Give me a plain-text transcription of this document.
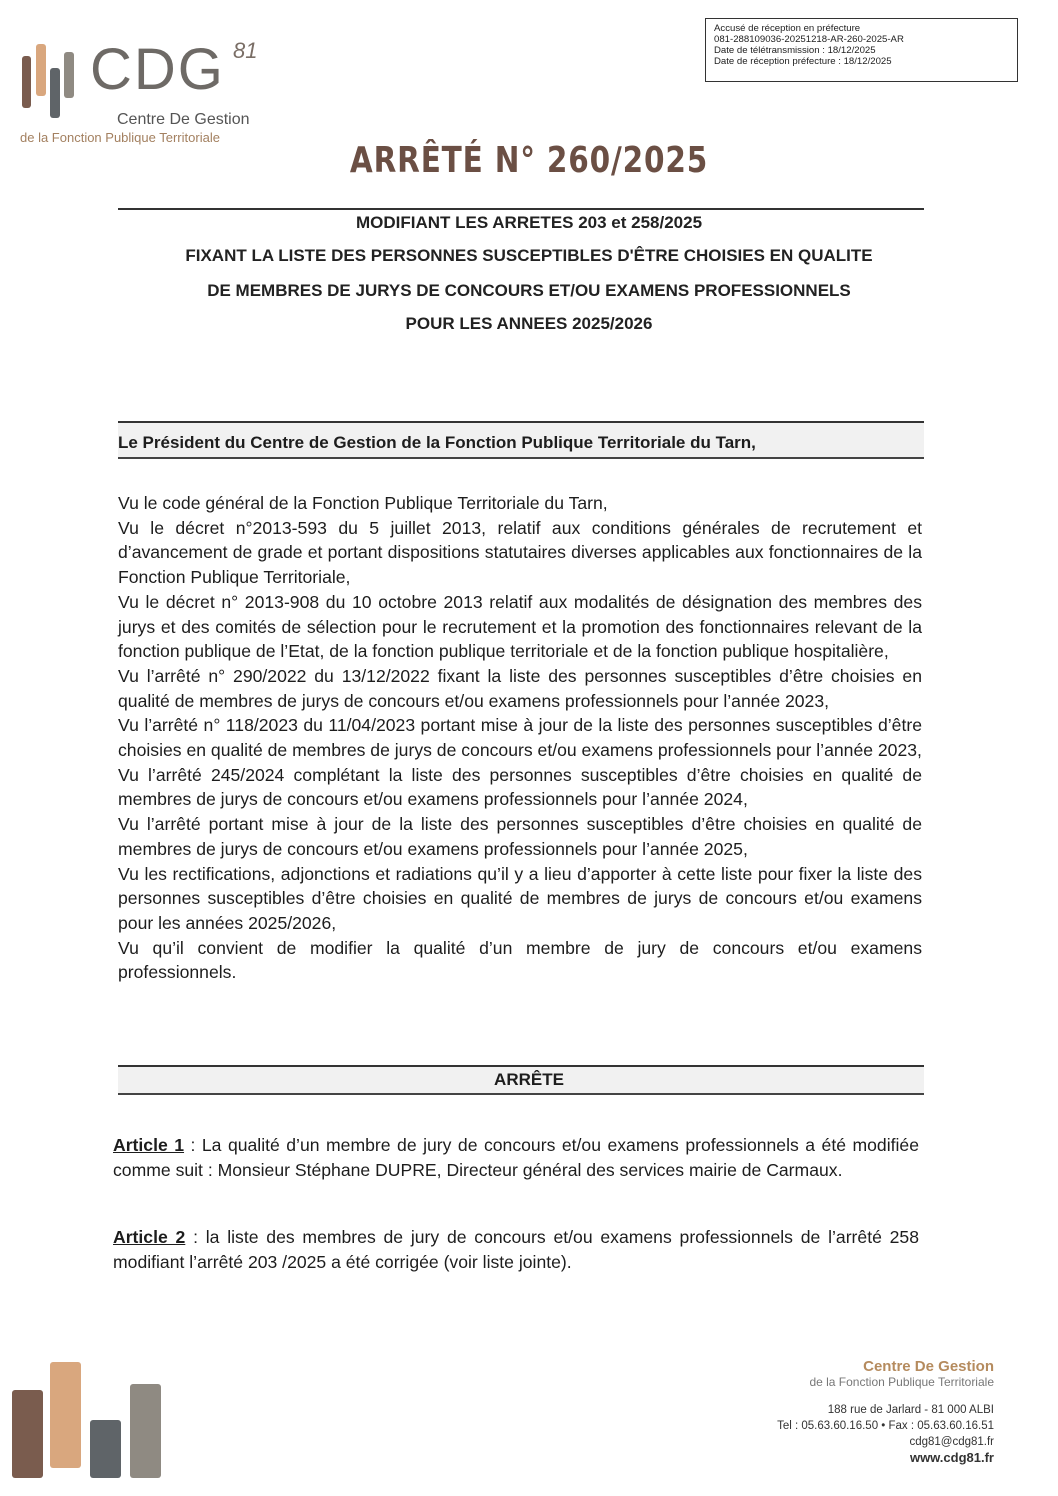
Accusé de réception en préfecture
081-288109036-20251218-AR-260-2025-AR
Date de télétransmission : 18/12/2025
Date de réception préfecture : 18/12/2025
CDG 81
Centre De Gestion
de la Fonction Publique Territoriale
ARRÊTÉ N° 260/2025
MODIFIANT LES ARRETES 203 et 258/2025
FIXANT LA LISTE DES PERSONNES SUSCEPTIBLES D'ÊTRE CHOISIES EN QUALITE
DE MEMBRES DE JURYS DE CONCOURS ET/OU EXAMENS PROFESSIONNELS
POUR LES ANNEES 2025/2026
Le Président du Centre de Gestion de la Fonction Publique Territoriale du Tarn,

Vu le code général de la Fonction Publique Territoriale du Tarn,

Vu le décret n°2013-593 du 5 juillet 2013, relatif aux conditions générales de recrutement et d’avancement de grade et portant dispositions statutaires diverses applicables aux fonctionnaires de la Fonction Publique Territoriale,

Vu le décret n° 2013-908 du 10 octobre 2013 relatif aux modalités de désignation des membres des jurys et des comités de sélection pour le recrutement et la promotion des fonctionnaires relevant de la fonction publique de l’Etat, de la fonction publique territoriale et de la fonction publique hospitalière,

Vu l’arrêté n° 290/2022 du 13/12/2022 fixant la liste des personnes susceptibles d’être choisies en qualité de membres de jurys de concours et/ou examens professionnels pour l’année 2023,

Vu l’arrêté n° 118/2023 du 11/04/2023 portant mise à jour de la liste des personnes susceptibles d’être choisies en qualité de membres de jurys de concours et/ou examens professionnels pour l’année 2023,

Vu l’arrêté 245/2024 complétant la liste des personnes susceptibles d’être choisies en qualité de membres de jurys de concours et/ou examens professionnels pour l’année 2024,

Vu l’arrêté portant mise à jour de la liste des personnes susceptibles d’être choisies en qualité de membres de jurys de concours et/ou examens professionnels pour l’année 2025,

Vu les rectifications, adjonctions et radiations qu’il y a lieu d’apporter à cette liste pour fixer la liste des personnes susceptibles d’être choisies en qualité de membres de jurys de concours et/ou examens pour les années 2025/2026,

Vu qu’il convient de modifier la qualité d’un membre de jury de concours et/ou examens professionnels.

ARRÊTE

Article 1 : La qualité d’un membre de jury de concours et/ou examens professionnels a été modifiée comme suit : Monsieur Stéphane DUPRE, Directeur général des services mairie de Carmaux.

Article 2 : la liste des membres de jury de concours et/ou examens professionnels de l’arrêté 258 modifiant l’arrêté 203 /2025 a été corrigée (voir liste jointe).

Centre De Gestion
de la Fonction Publique Territoriale
188 rue de Jarlard - 81 000 ALBI
Tel : 05.63.60.16.50 • Fax : 05.63.60.16.51
cdg81@cdg81.fr
www.cdg81.fr
